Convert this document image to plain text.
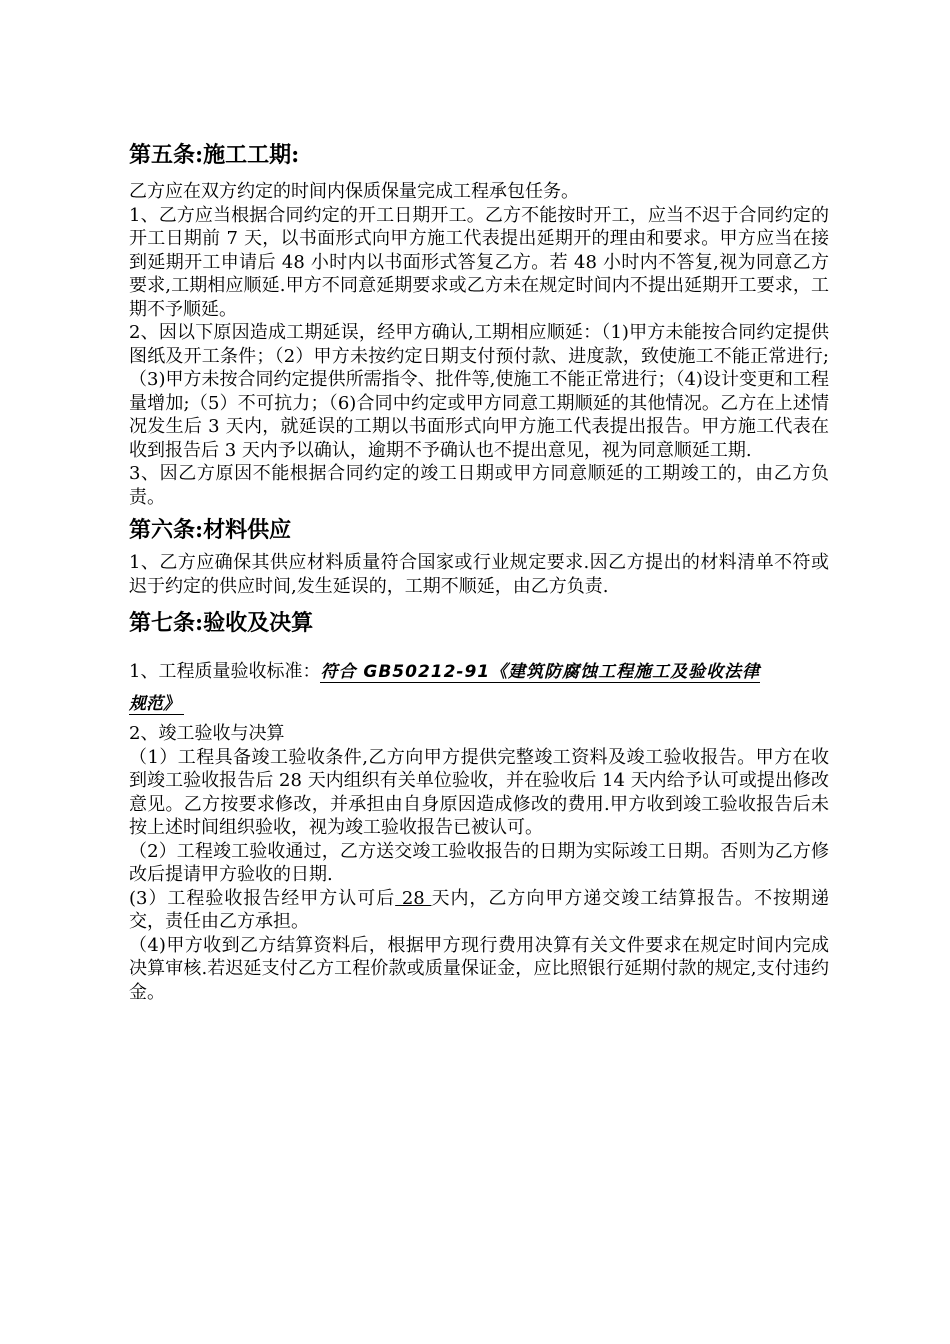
第五条:施工工期:

乙方应在双方约定的时间内保质保量完成工程承包任务。

1、乙方应当根据合同约定的开工日期开工。乙方不能按时开工，应当不迟于合同约定的开工日期前 7 天，以书面形式向甲方施工代表提出延期开的理由和要求。甲方应当在接到延期开工申请后 48 小时内以书面形式答复乙方。若 48 小时内不答复,视为同意乙方要求,工期相应顺延.甲方不同意延期要求或乙方未在规定时间内不提出延期开工要求，工期不予顺延。

2、因以下原因造成工期延误，经甲方确认,工期相应顺延：（1)甲方未能按合同约定提供图纸及开工条件；（2）甲方未按约定日期支付预付款、进度款，致使施工不能正常进行;（3)甲方未按合同约定提供所需指令、批件等,使施工不能正常进行；（4)设计变更和工程量增加;（5）不可抗力；（6)合同中约定或甲方同意工期顺延的其他情况。乙方在上述情况发生后 3 天内，就延误的工期以书面形式向甲方施工代表提出报告。甲方施工代表在收到报告后 3 天内予以确认，逾期不予确认也不提出意见，视为同意顺延工期.

3、因乙方原因不能根据合同约定的竣工日期或甲方同意顺延的工期竣工的，由乙方负责。

第六条:材料供应

1、乙方应确保其供应材料质量符合国家或行业规定要求.因乙方提出的材料清单不符或迟于约定的供应时间,发生延误的，工期不顺延，由乙方负责.

第七条:验收及决算

1、工程质量验收标准：符合 GB50212-91《建筑防腐蚀工程施工及验收法律

规范》

2、竣工验收与决算

（1）工程具备竣工验收条件,乙方向甲方提供完整竣工资料及竣工验收报告。甲方在收到竣工验收报告后 28 天内组织有关单位验收，并在验收后 14 天内给予认可或提出修改意见。乙方按要求修改，并承担由自身原因造成修改的费用.甲方收到竣工验收报告后未按上述时间组织验收，视为竣工验收报告已被认可。

（2）工程竣工验收通过，乙方送交竣工验收报告的日期为实际竣工日期。否则为乙方修改后提请甲方验收的日期.

(3）工程验收报告经甲方认可后 28 天内，乙方向甲方递交竣工结算报告。不按期递交，责任由乙方承担。

（4)甲方收到乙方结算资料后，根据甲方现行费用决算有关文件要求在规定时间内完成决算审核.若迟延支付乙方工程价款或质量保证金，应比照银行延期付款的规定,支付违约金。
